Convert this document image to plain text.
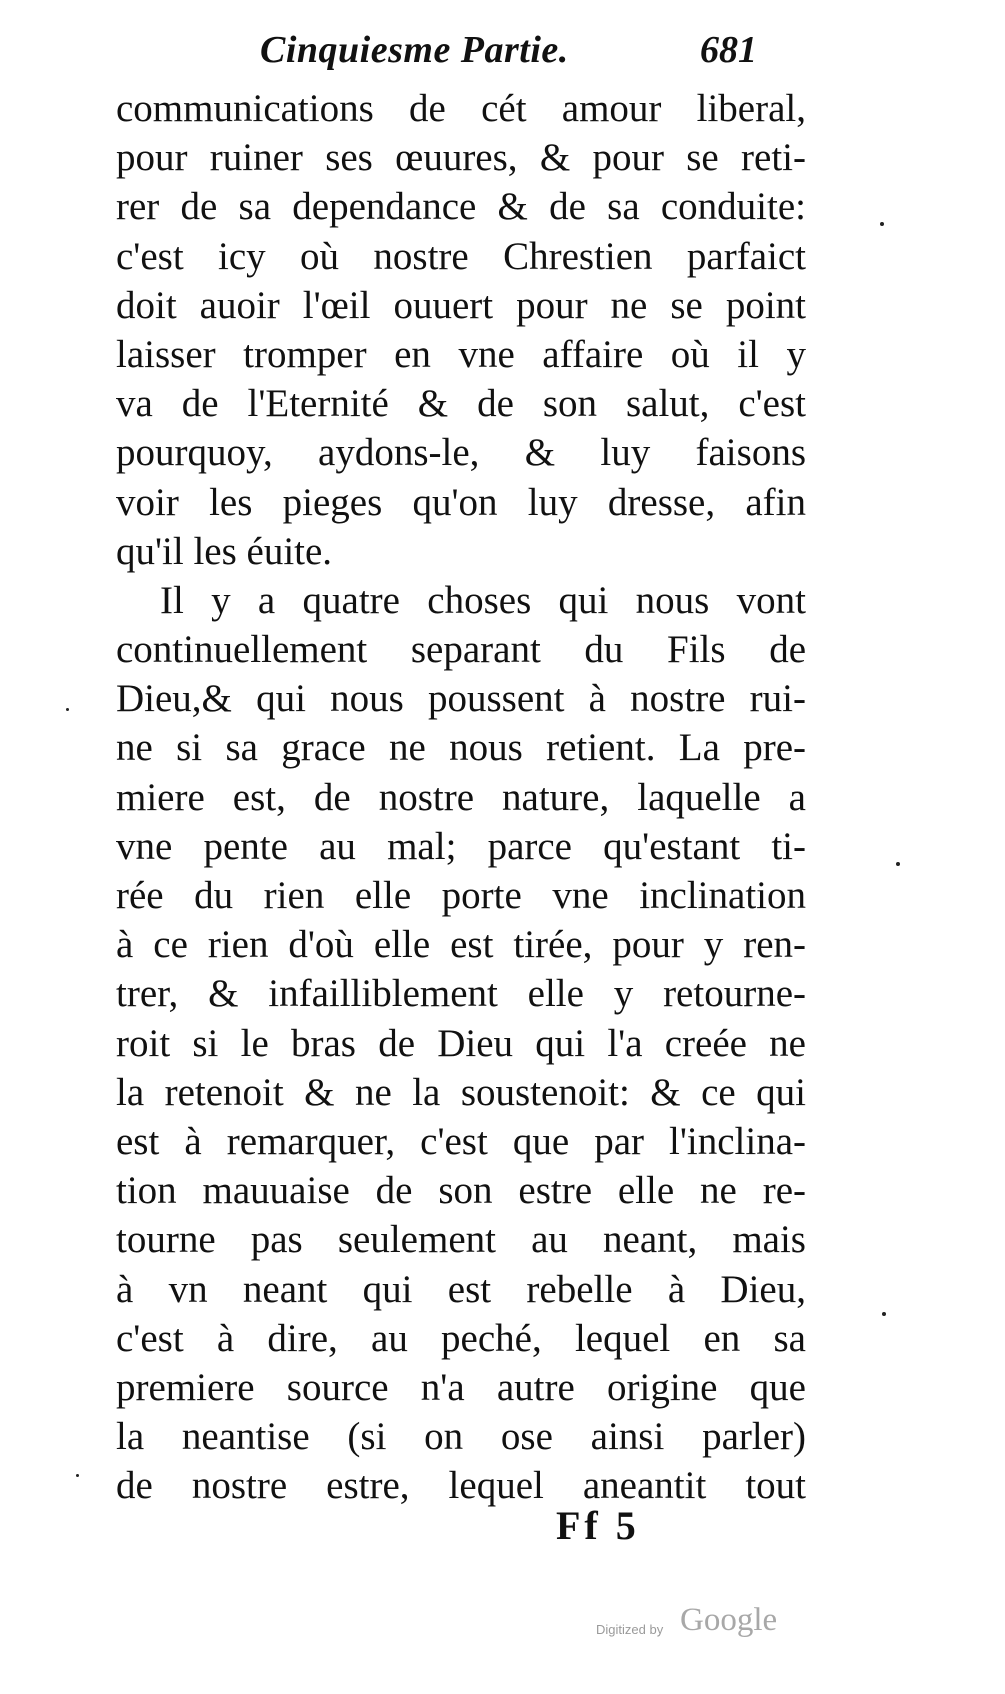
Cinquiesme Partie.	681
communications de cét amour liberal,
pour ruiner ses œuures, & pour se reti-
rer de sa dependance & de sa conduite:
c'est icy où nostre Chrestien parfaict
doit auoir l'œil ouuert pour ne se point
laisser tromper en vne affaire où il y
va de l'Eternité & de son salut, c'est
pourquoy, aydons-le, & luy faisons
voir les pieges qu'on luy dresse, afin
qu'il les éuite.
Il y a quatre choses qui nous vont
continuellement separant du Fils de
Dieu,& qui nous poussent à nostre rui-
ne si sa grace ne nous retient. La pre-
miere est, de nostre nature, laquelle a
vne pente au mal; parce qu'estant ti-
rée du rien elle porte vne inclination
à ce rien d'où elle est tirée, pour y ren-
trer, & infailliblement elle y retourne-
roit si le bras de Dieu qui l'a creée ne
la retenoit & ne la soustenoit: & ce qui
est à remarquer, c'est que par l'inclina-
tion mauuaise de son estre elle ne re-
tourne pas seulement au neant, mais
à vn neant qui est rebelle à Dieu,
c'est à dire, au peché, lequel en sa
premiere source n'a autre origine que
la neantise (si on ose ainsi parler)
de nostre estre, lequel aneantit tout
Ff 5
Digitized by Google
